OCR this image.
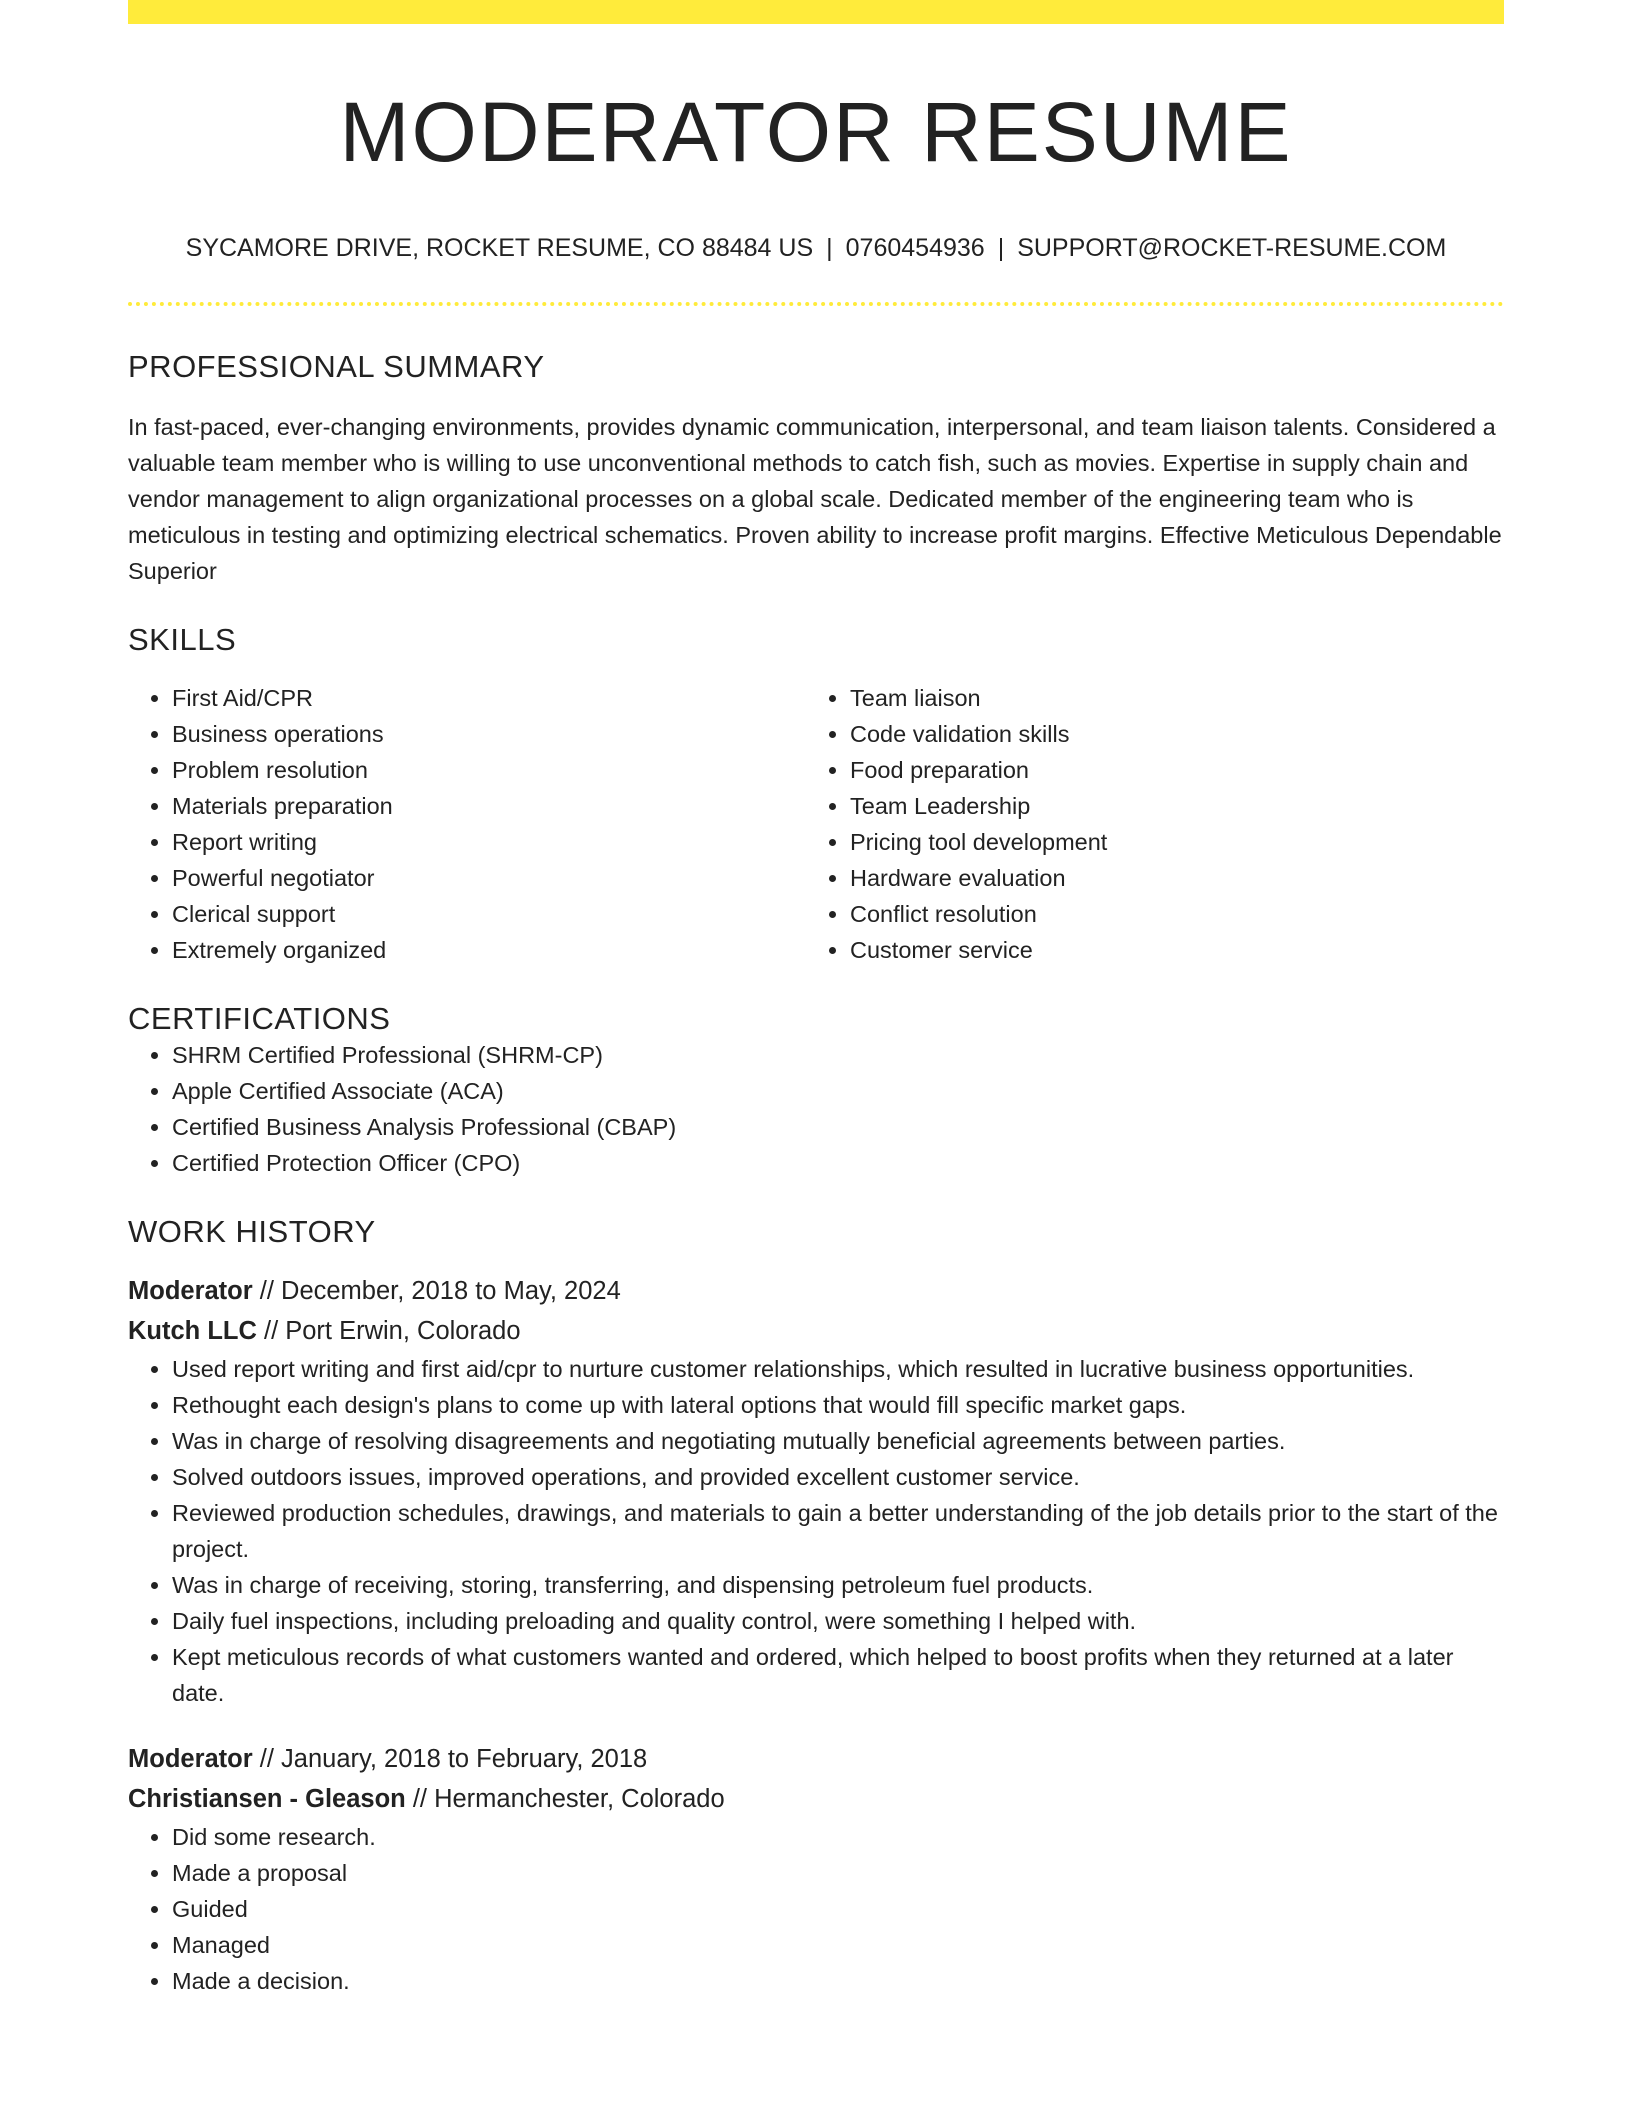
MODERATOR RESUME
SYCAMORE DRIVE, ROCKET RESUME, CO 88484 US | 0760454936 | SUPPORT@ROCKET-RESUME.COM
PROFESSIONAL SUMMARY

In fast-paced, ever-changing environments, provides dynamic communication, interpersonal, and team liaison talents. Considered a valuable team member who is willing to use unconventional methods to catch fish, such as movies. Expertise in supply chain and vendor management to align organizational processes on a global scale. Dedicated member of the engineering team who is meticulous in testing and optimizing electrical schematics. Proven ability to increase profit margins. Effective Meticulous Dependable Superior

SKILLS
• First Aid/CPR
• Business operations
• Problem resolution
• Materials preparation
• Report writing
• Powerful negotiator
• Clerical support
• Extremely organized
• Team liaison
• Code validation skills
• Food preparation
• Team Leadership
• Pricing tool development
• Hardware evaluation
• Conflict resolution
• Customer service
CERTIFICATIONS
• SHRM Certified Professional (SHRM-CP)
• Apple Certified Associate (ACA)
• Certified Business Analysis Professional (CBAP)
• Certified Protection Officer (CPO)
WORK HISTORY
Moderator // December, 2018 to May, 2024
Kutch LLC // Port Erwin, Colorado
• Used report writing and first aid/cpr to nurture customer relationships, which resulted in lucrative business opportunities.
• Rethought each design's plans to come up with lateral options that would fill specific market gaps.
• Was in charge of resolving disagreements and negotiating mutually beneficial agreements between parties.
• Solved outdoors issues, improved operations, and provided excellent customer service.
• Reviewed production schedules, drawings, and materials to gain a better understanding of the job details prior to the start of the project.
• Was in charge of receiving, storing, transferring, and dispensing petroleum fuel products.
• Daily fuel inspections, including preloading and quality control, were something I helped with.
• Kept meticulous records of what customers wanted and ordered, which helped to boost profits when they returned at a later date.
Moderator // January, 2018 to February, 2018
Christiansen - Gleason // Hermanchester, Colorado
• Did some research.
• Made a proposal
• Guided
• Managed
• Made a decision.
